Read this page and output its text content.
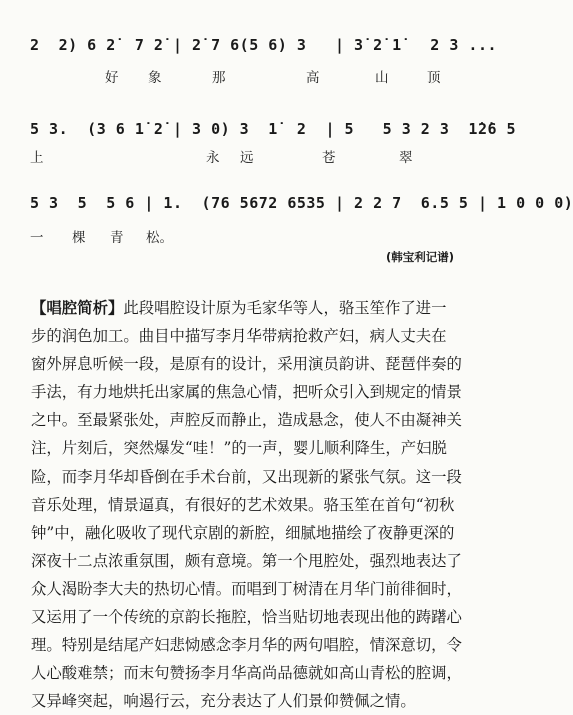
2  2) 6 2̇  7 2̇ | 2̇ 7 6(5 6) 3   | 3̇ 2̇ 1̇   2 3 ...
好 象	那	高	山	顶
5 3.  (3 6 1̇ 2̇ | 3 0) 3  1̇  2  | 5   5 3 2 3  1̇2̇6 5
上	永 远	苍	翠
5 3  5  5 6 | 1.  (76 5672 6535 | 2 2 7  6.5 5 | 1 0 0 0)
一 棵 青 松。
(韩宝利记谱)
【唱腔简析】此段唱腔设计原为毛家华等人，骆玉笙作了进一
步的润色加工。曲目中描写李月华带病抢救产妇，病人丈夫在
窗外屏息听候一段，是原有的设计，采用演员韵讲、琵琶伴奏的
手法，有力地烘托出家属的焦急心情，把听众引入到规定的情景
之中。至最紧张处，声腔反而静止，造成悬念，使人不由凝神关
注，片刻后，突然爆发“哇！”的一声，婴儿顺利降生，产妇脱
险，而李月华却昏倒在手术台前，又出现新的紧张气氛。这一段
音乐处理，情景逼真，有很好的艺术效果。骆玉笙在首句“初秋
钟”中，融化吸收了现代京剧的新腔，细腻地描绘了夜静更深的
深夜十二点浓重氛围，颇有意境。第一个甩腔处，强烈地表达了
众人渴盼李大夫的热切心情。而唱到丁树清在月华门前徘徊时，
又运用了一个传统的京韵长拖腔，恰当贴切地表现出他的踌躇心
理。特别是结尾产妇悲恸感念李月华的两句唱腔，情深意切，令
人心酸难禁；而末句赞扬李月华高尚品德就如高山青松的腔调，
又异峰突起，响遏行云，充分表达了人们景仰赞佩之情。
